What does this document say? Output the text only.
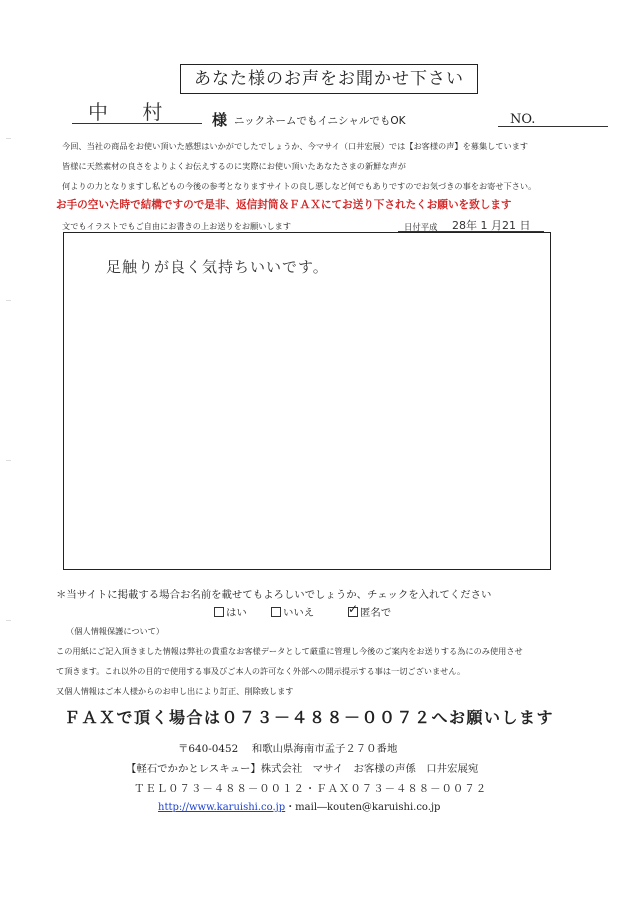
あなた様のお声をお聞かせ下さい
中 村 様 ニックネームでもイニシャルでもOK	NO.
今回、当社の商品をお使い頂いた感想はいかがでしたでしょうか、今マサイ（口井宏展）では【お客様の声】を募集しています
皆様に天然素材の良さをよりよくお伝えするのに実際にお使い頂いたあなたさまの新鮮な声が
何よりの力となりますし私どもの今後の参考となりますサイトの良し悪しなど何でもありですのでお気づきの事をお寄せ下さい。
お手の空いた時で結構ですので是非、返信封筒＆ＦＡＸにてお送り下されたくお願いを致します
文でもイラストでもご自由にお書きの上お送りをお願いします	日付平成 28年 1 月21 日
足触りが良く気持ちいいです。
＊当サイトに掲載する場合お名前を載せてもよろしいでしょうか、チェックを入れてください
はい	いいえ
✓	匿名で
（個人情報保護について）
この用紙にご記入頂きました情報は弊社の貴重なお客様データとして厳重に管理し今後のご案内をお送りする為にのみ使用させ
て頂きます。これ以外の目的で使用する事及びご本人の許可なく外部への開示提示する事は一切ございません。
又個人情報はご本人様からのお申し出により訂正、削除致します
ＦＡＸで頂く場合は０７３－４８８－００７２へお願いします
〒640-0452　 和歌山県海南市孟子２７０番地
【軽石でかかとレスキュー】株式会社　マサイ　お客様の声係　口井宏展宛
ＴＥＬ０７３－４８８－００１２・ＦＡＸ０７３－４８８－００７２
http://www.karuishi.co.jp・mail―kouten@karuishi.co.jp
